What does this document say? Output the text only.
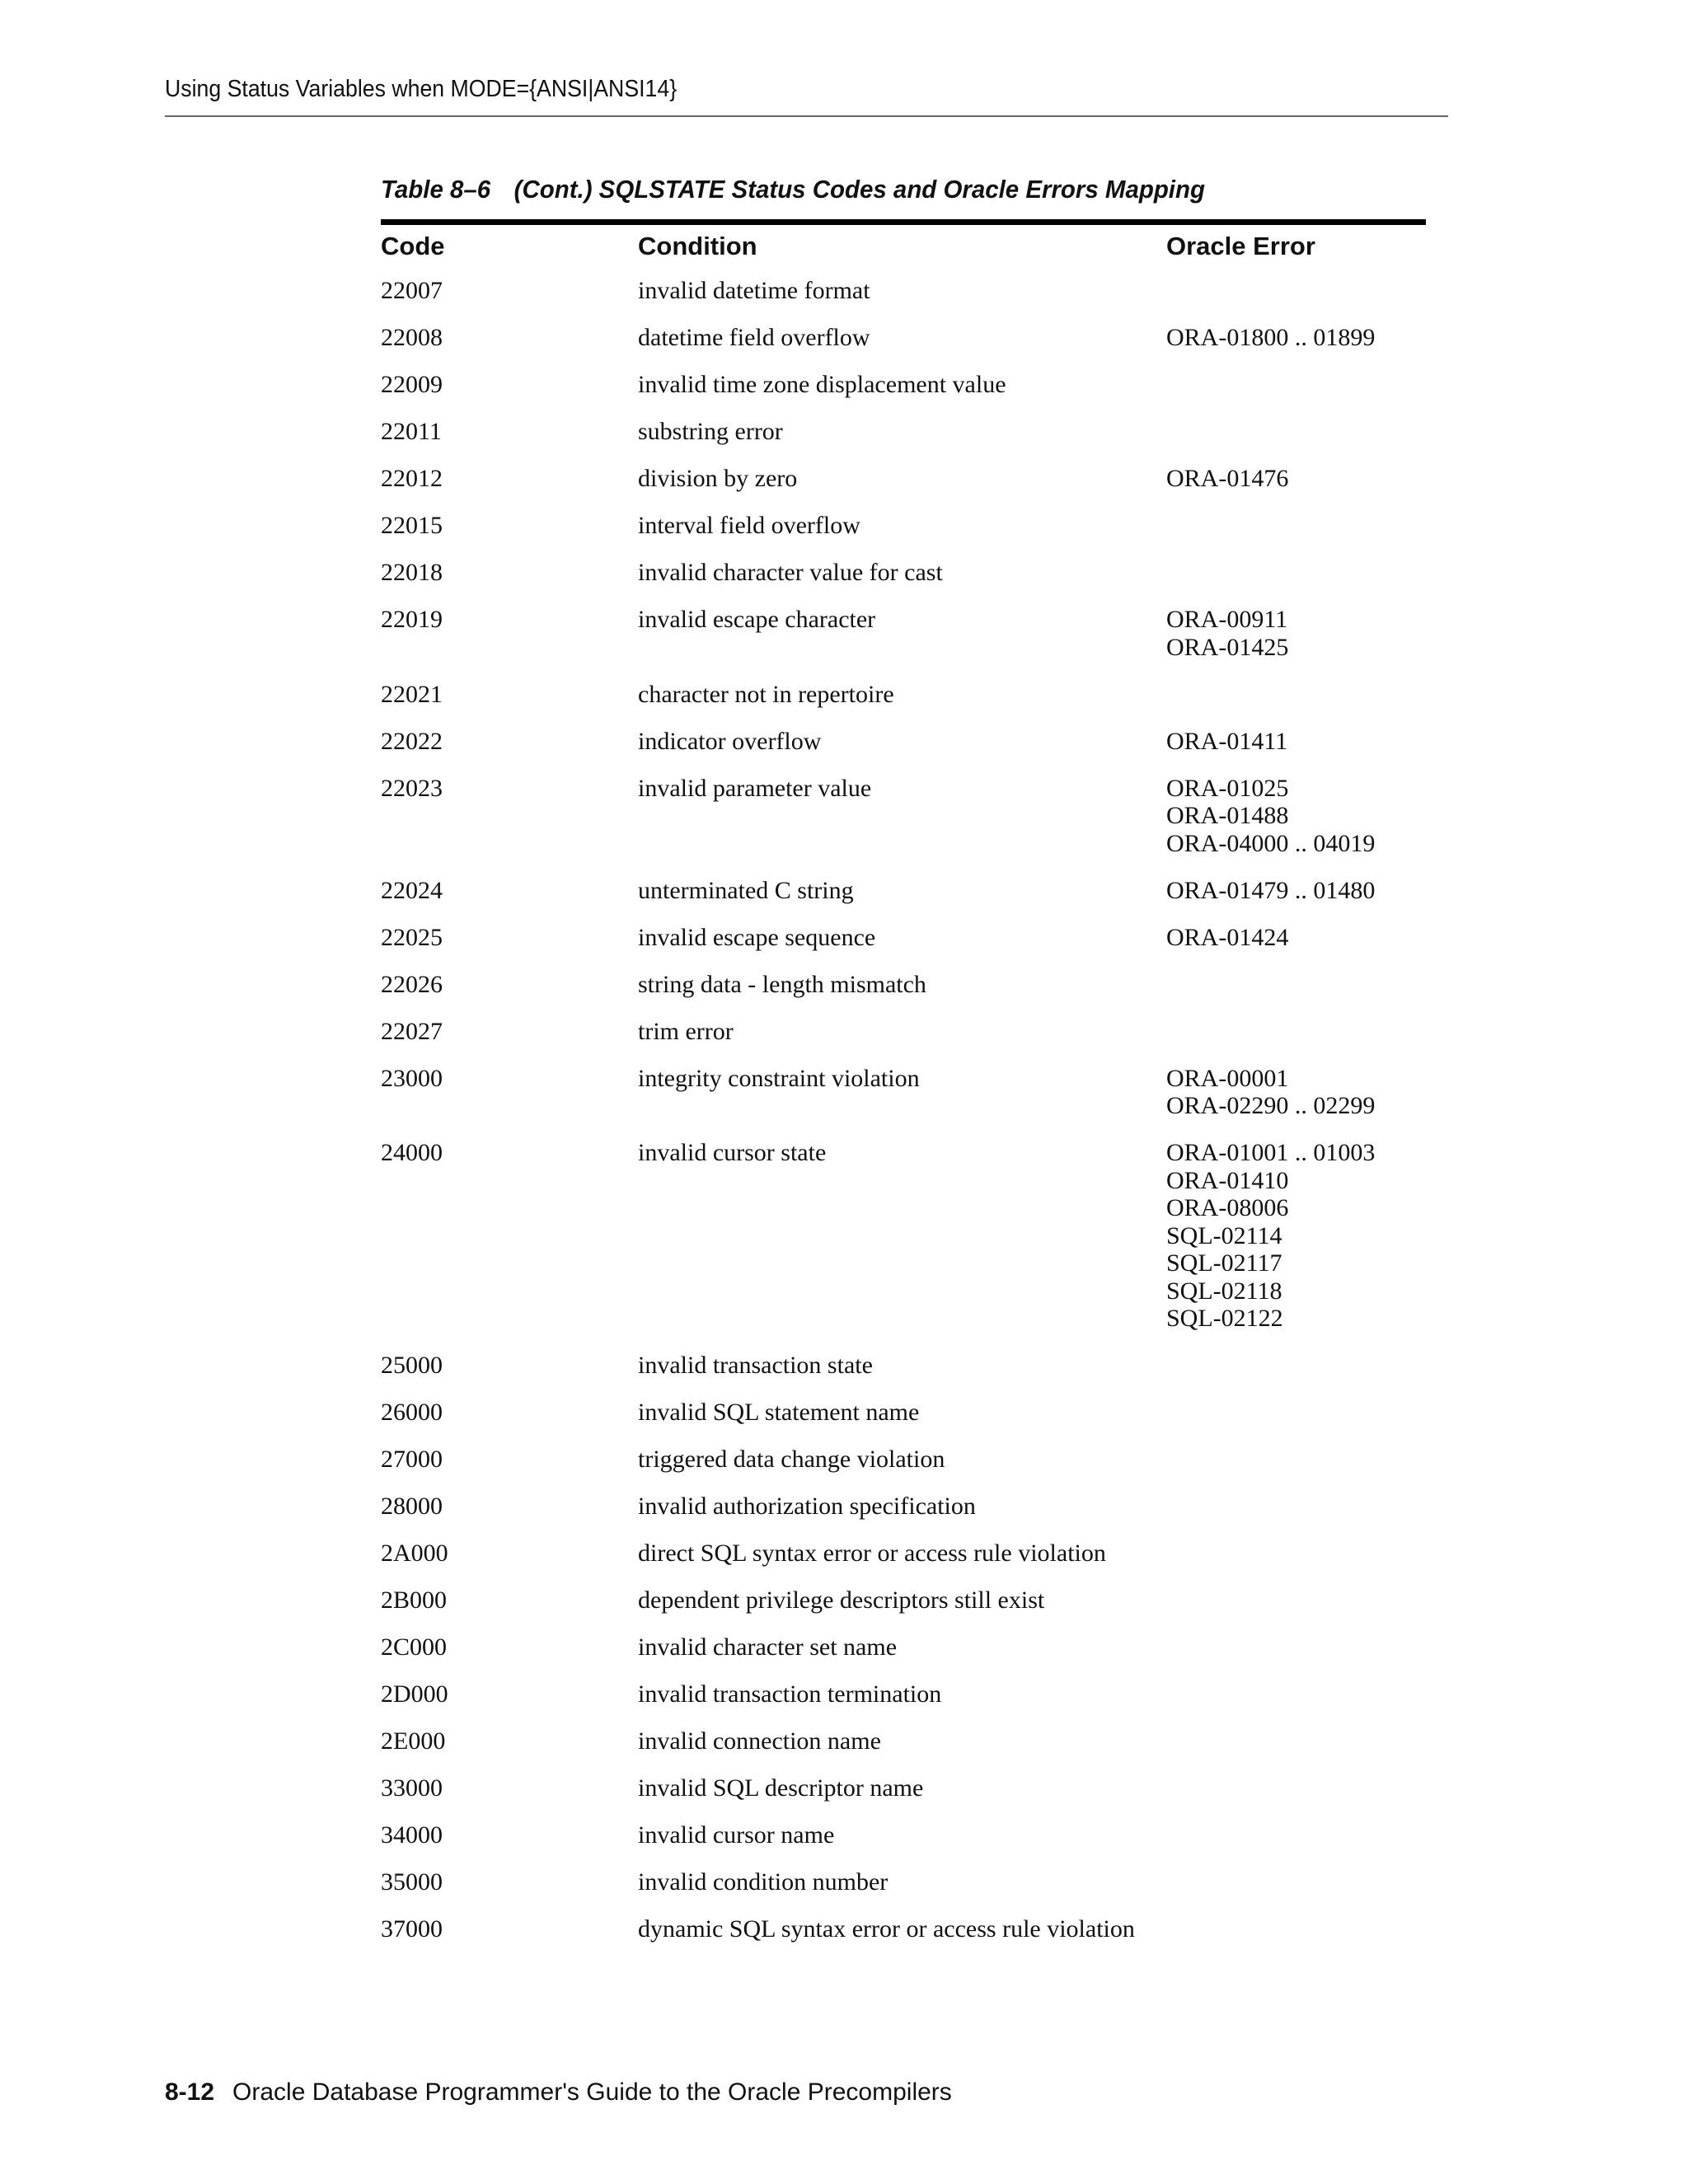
Using Status Variables when MODE={ANSI|ANSI14}
Table 8–6 (Cont.) SQLSTATE Status Codes and Oracle Errors Mapping
Code	Condition	Oracle Error
22007	invalid datetime format
22008	datetime field overflow	ORA-01800 .. 01899
22009	invalid time zone displacement value
22011	substring error
22012	division by zero	ORA-01476
22015	interval field overflow
22018	invalid character value for cast
22019	invalid escape character	ORA-00911
ORA-01425
22021	character not in repertoire
22022	indicator overflow	ORA-01411
22023	invalid parameter value	ORA-01025
ORA-01488
ORA-04000 .. 04019
22024	unterminated C string	ORA-01479 .. 01480
22025	invalid escape sequence	ORA-01424
22026	string data - length mismatch
22027	trim error
23000	integrity constraint violation	ORA-00001
ORA-02290 .. 02299
24000	invalid cursor state	ORA-01001 .. 01003
ORA-01410
ORA-08006
SQL-02114
SQL-02117
SQL-02118
SQL-02122
25000	invalid transaction state
26000	invalid SQL statement name
27000	triggered data change violation
28000	invalid authorization specification
2A000	direct SQL syntax error or access rule violation
2B000	dependent privilege descriptors still exist
2C000	invalid character set name
2D000	invalid transaction termination
2E000	invalid connection name
33000	invalid SQL descriptor name
34000	invalid cursor name
35000	invalid condition number
37000	dynamic SQL syntax error or access rule violation
8-12 Oracle Database Programmer's Guide to the Oracle Precompilers
